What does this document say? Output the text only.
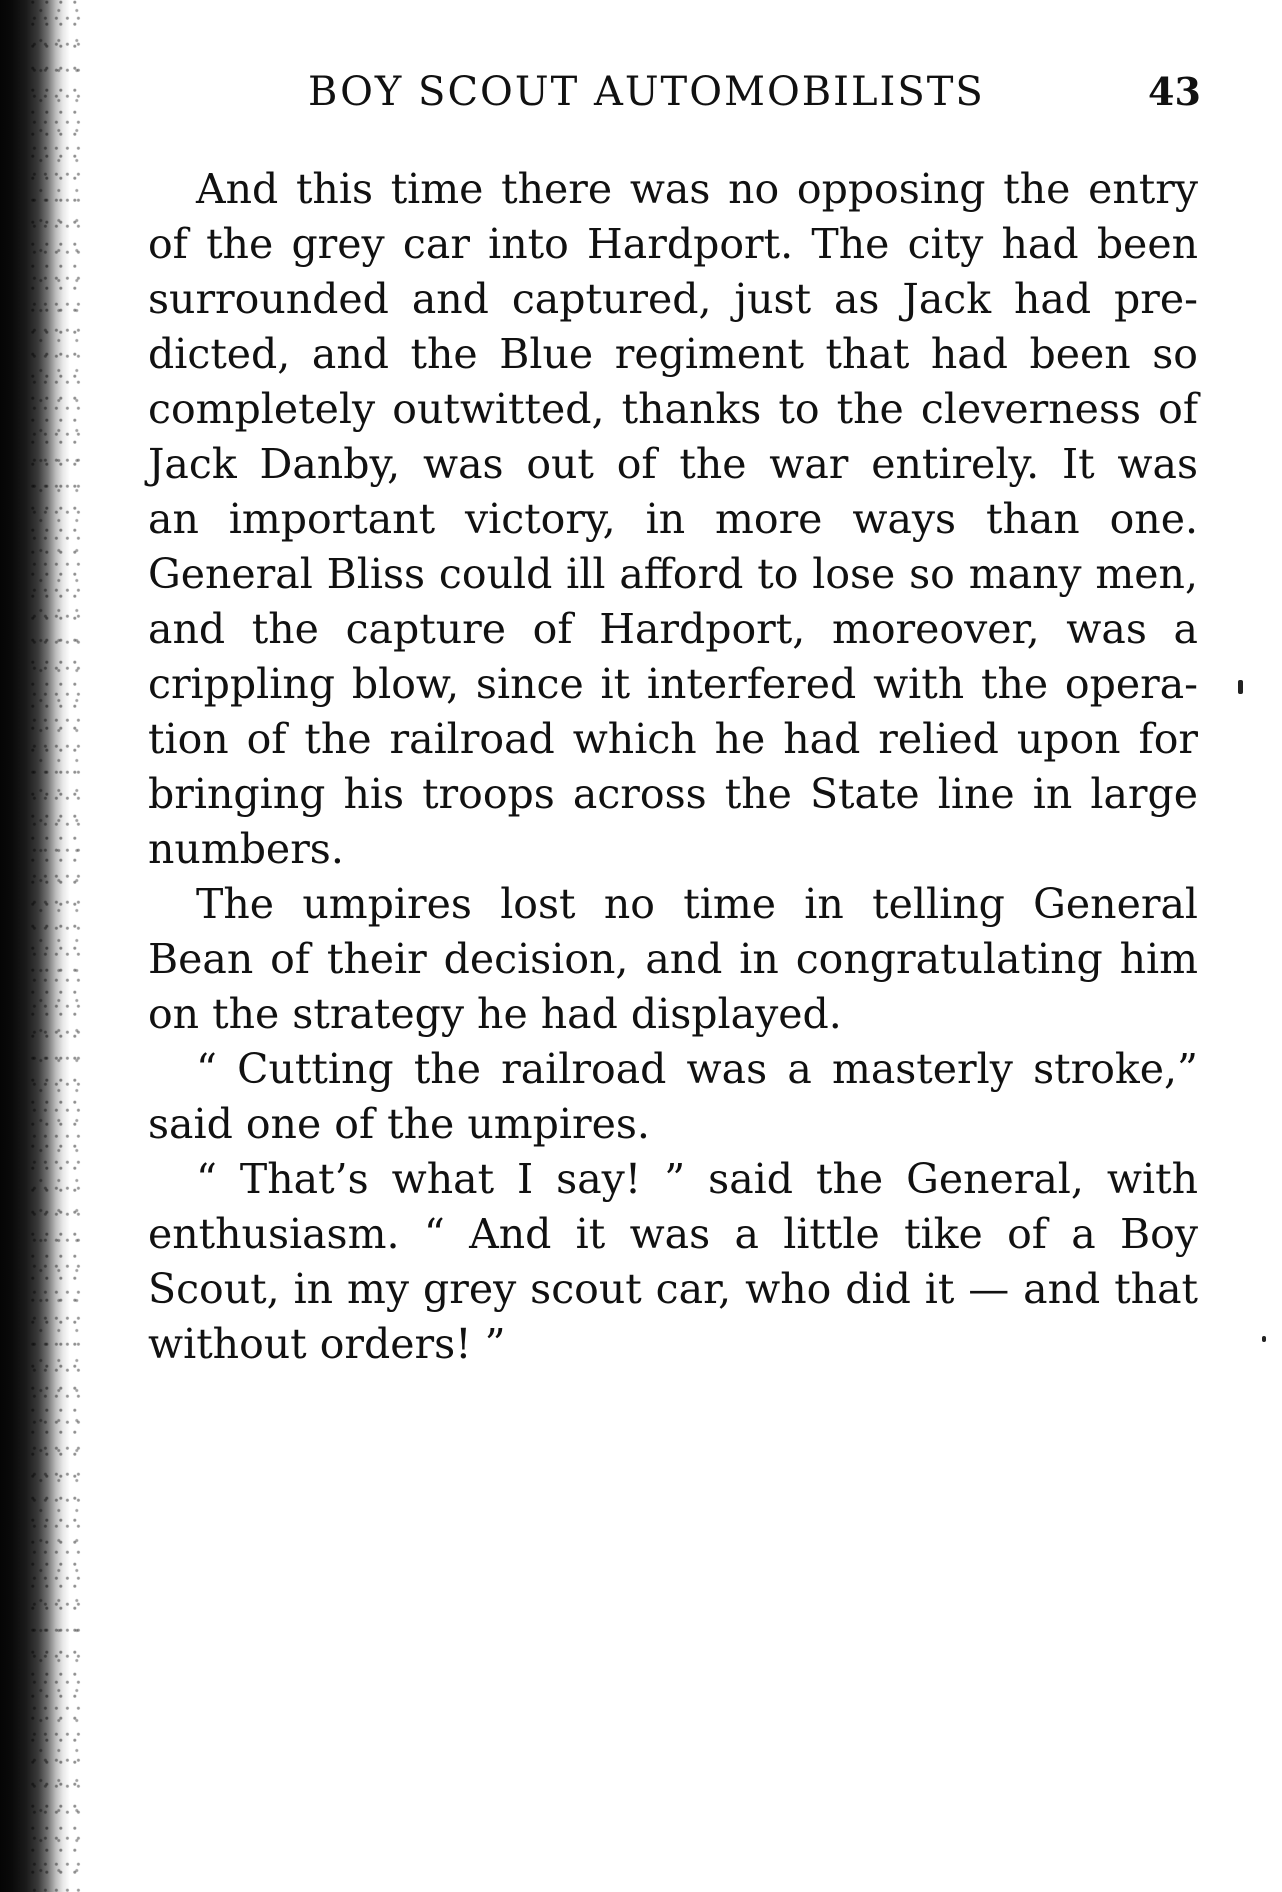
BOY SCOUT AUTOMOBILISTS	43
And this time there was no opposing the entry
of the grey car into Hardport. The city had been
surrounded and captured, just as Jack had pre-
dicted, and the Blue regiment that had been so
completely outwitted, thanks to the cleverness of
Jack Danby, was out of the war entirely. It was
an important victory, in more ways than one.
General Bliss could ill afford to lose so many men,
and the capture of Hardport, moreover, was a
crippling blow, since it interfered with the opera-
tion of the railroad which he had relied upon for
bringing his troops across the State line in large
numbers.
The umpires lost no time in telling General
Bean of their decision, and in congratulating him
on the strategy he had displayed.
“ Cutting the railroad was a masterly stroke,”
said one of the umpires.
“ That’s what I say! ” said the General, with
enthusiasm. “ And it was a little tike of a Boy
Scout, in my grey scout car, who did it — and that
without orders! ”
